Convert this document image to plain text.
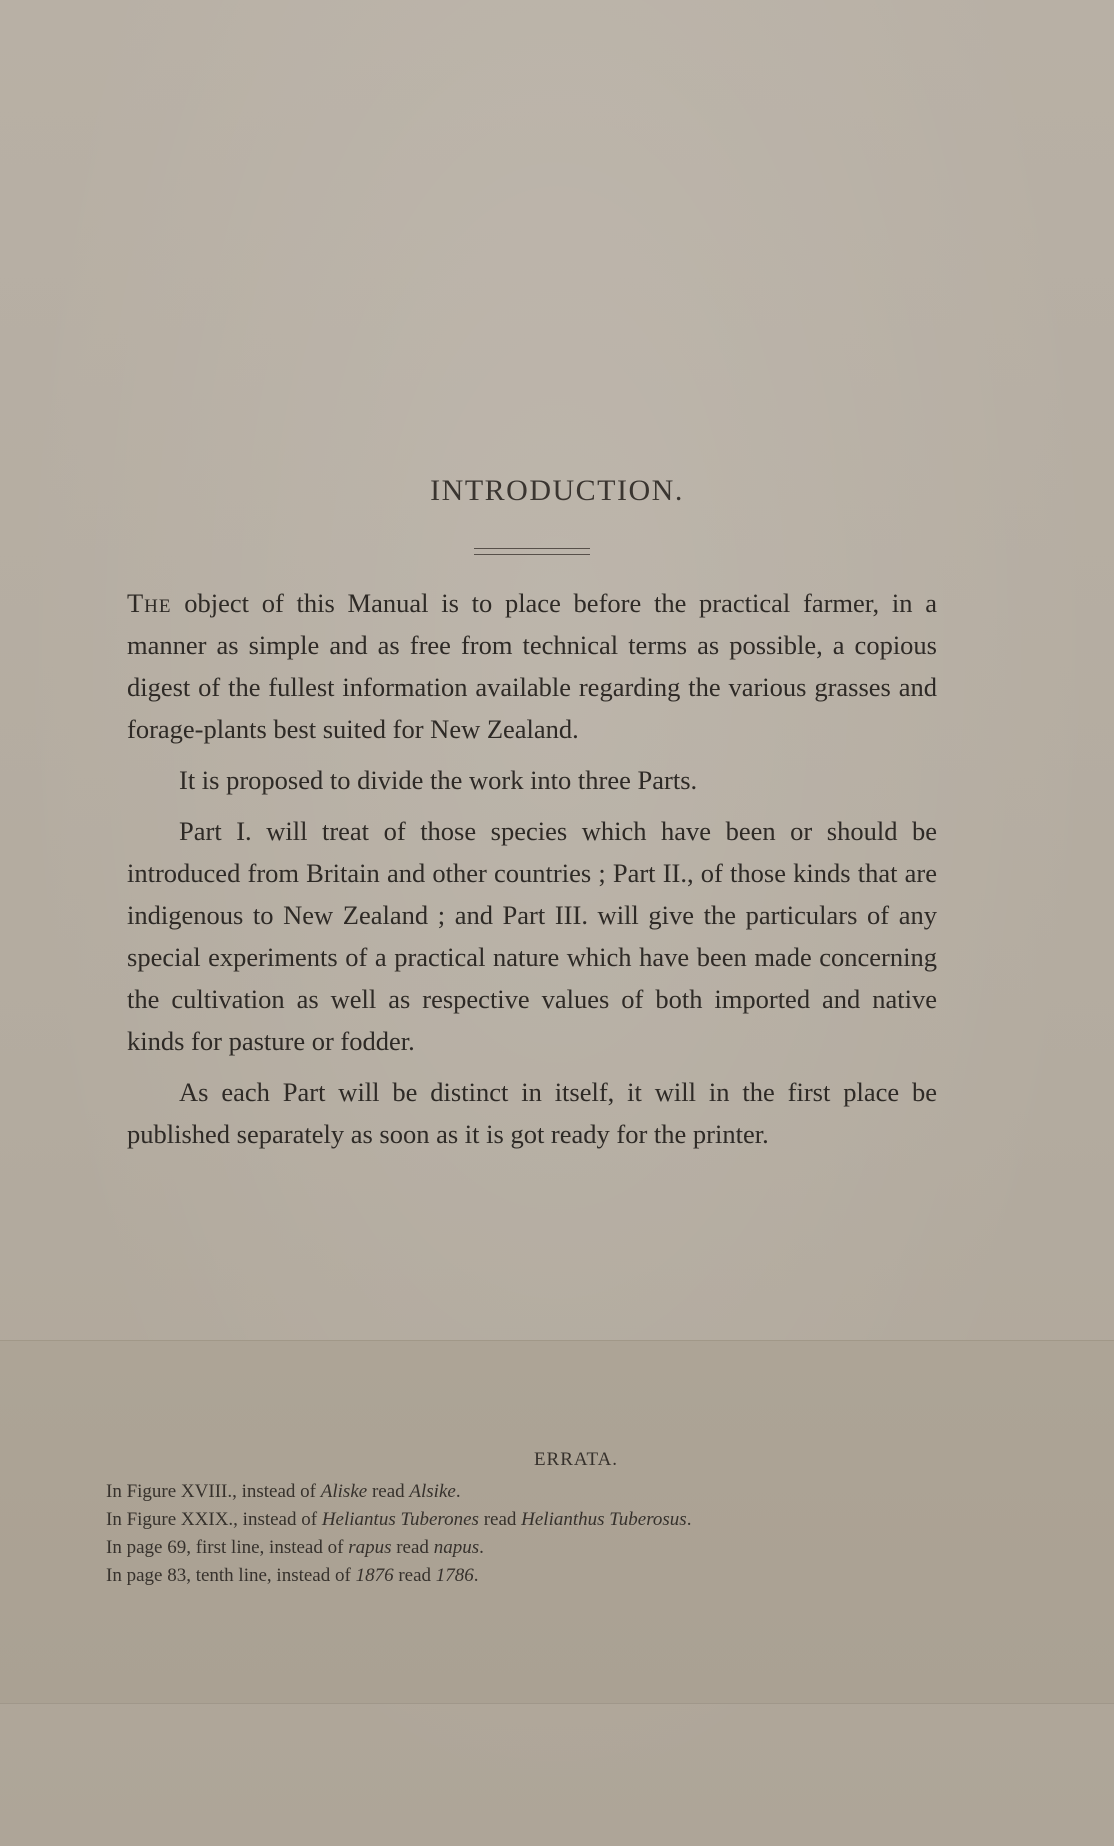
INTRODUCTION.

The object of this Manual is to place before the practical farmer, in a manner as simple and as free from technical terms as possible, a copious digest of the fullest information available regarding the various grasses and forage-plants best suited for New Zealand.

It is proposed to divide the work into three Parts.

Part I. will treat of those species which have been or should be introduced from Britain and other countries ; Part II., of those kinds that are indigenous to New Zealand ; and Part III. will give the particulars of any special experiments of a practical nature which have been made concerning the cultivation as well as respective values of both imported and native kinds for pasture or fodder.

As each Part will be distinct in itself, it will in the first place be published separately as soon as it is got ready for the printer.

ERRATA.
In Figure XVIII., instead of Aliske read Alsike.
In Figure XXIX., instead of Heliantus Tuberones read Helianthus Tuberosus.
In page 69, first line, instead of rapus read napus.
In page 83, tenth line, instead of 1876 read 1786.
